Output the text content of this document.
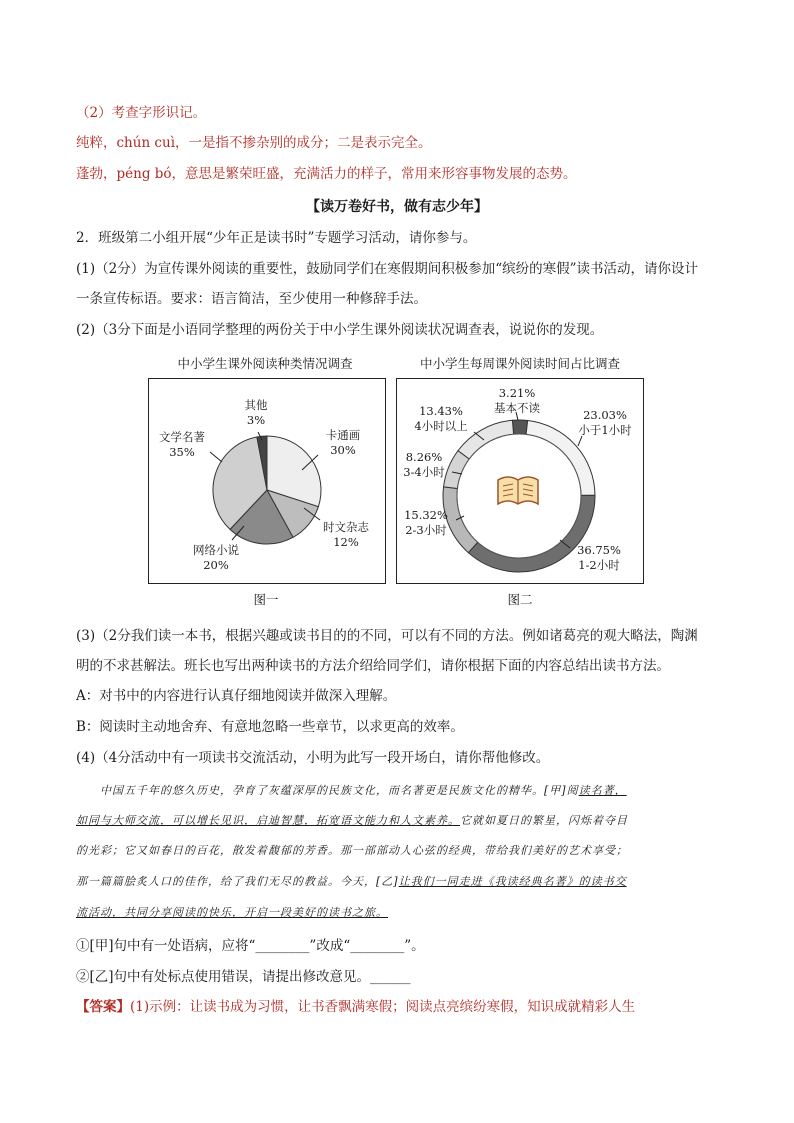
（2）考查字形识记。
纯粹，chún cuì，一是指不掺杂别的成分；二是表示完全。
蓬勃，péng bó，意思是繁荣旺盛，充满活力的样子，常用来形容事物发展的态势。
【读万卷好书，做有志少年】
2．班级第二小组开展“少年正是读书时”专题学习活动，请你参与。
(1)（2分）为宣传课外阅读的重要性，鼓励同学们在寒假期间积极参加“缤纷的寒假”读书活动，请你设计
一条宣传标语。要求：语言简洁，至少使用一种修辞手法。
(2)（3分下面是小语同学整理的两份关于中小学生课外阅读状况调查表，说说你的发现。
中小学生课外阅读种类情况调查
图一
中小学生每周课外阅读时间占比调查
图二
其他
3%
卡通画
30%
文学名著
35%
时文杂志
12%
网络小说
20%
3.21%
基本不读	23.03%
小于1小时
13.43%
4小时以上
8.26%
3-4小时
15.32%
2-3小时
36.75%
1-2小时
(3)（2分我们读一本书，根据兴趣或读书目的的不同，可以有不同的方法。例如诸葛亮的观大略法，陶渊
明的不求甚解法。班长也写出两种读书的方法介绍给同学们，请你根据下面的内容总结出读书方法。
A：对书中的内容进行认真仔细地阅读并做深入理解。
B：阅读时主动地舍弃、有意地忽略一些章节，以求更高的效率。
(4)（4分活动中有一项读书交流活动，小明为此写一段开场白，请你帮他修改。
中国五千年的悠久历史，孕育了灰蕴深厚的民族文化，而名著更是民族文化的精华。[甲]阅读名著，
如同与大师交流，可以增长见识，启迪智慧，拓宽语文能力和人文素养。它就如夏日的繁星，闪烁着夺目
的光彩；它又如春日的百花，散发着馥郁的芳香。那一部部动人心弦的经典，带给我们美好的艺术享受；
那一篇篇脍炙人口的佳作，给了我们无尽的教益。今天，[乙]让我们一同走进《我读经典名著》的读书交
流活动，共同分享阅读的快乐，开启一段美好的读书之旅。
①[甲]句中有一处语病，应将“________”改成“________”。
②[乙]句中有处标点使用错误，请提出修改意见。______
【答案】(1)示例：让读书成为习惯，让书香飘满寒假；阅读点亮缤纷寒假，知识成就精彩人生
